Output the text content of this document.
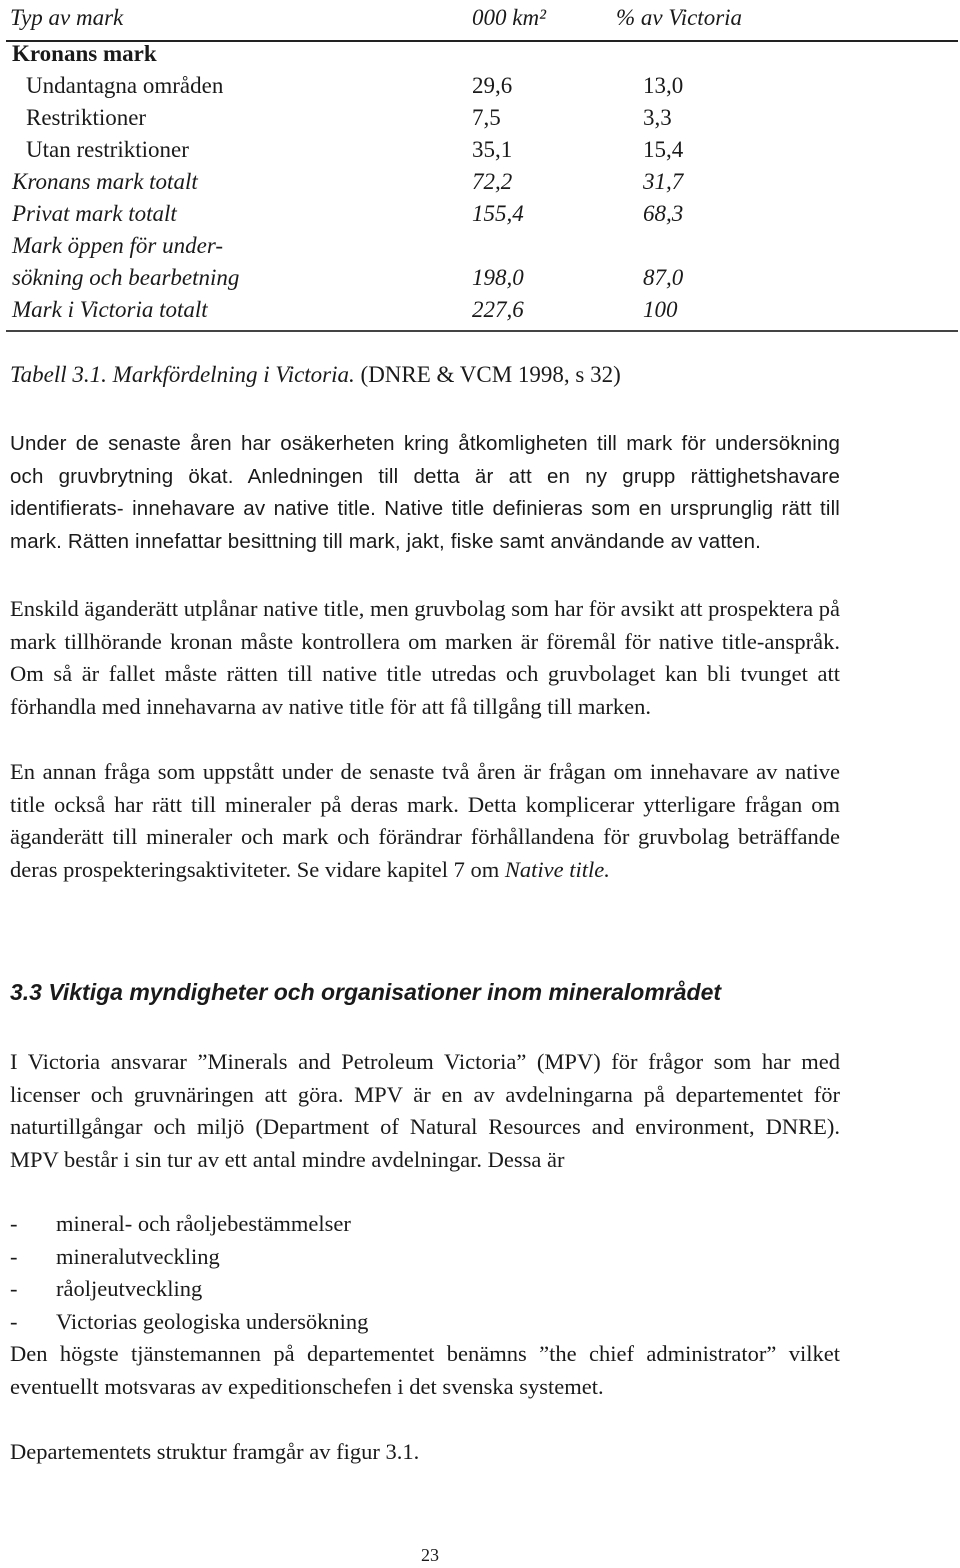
Typ av mark	000 km²	% av Victoria
Kronans mark
Undantagna områden	29,6	13,0
Restriktioner	7,5	3,3
Utan restriktioner	35,1	15,4
Kronans mark totalt	72,2	31,7
Privat mark totalt	155,4	68,3
Mark öppen för under-
sökning och bearbetning	198,0	87,0
Mark i Victoria totalt	227,6	100
Tabell 3.1. Markfördelning i Victoria. (DNRE & VCM 1998, s 32)

Under de senaste åren har osäkerheten kring åtkomligheten till mark för undersökning och gruvbrytning ökat. Anledningen till detta är att en ny grupp rättighetshavare identifierats- innehavare av native title. Native title definieras som en ursprunglig rätt till mark. Rätten innefattar besittning till mark, jakt, fiske samt användande av vatten.

Enskild äganderätt utplånar native title, men gruvbolag som har för avsikt att prospektera på mark tillhörande kronan måste kontrollera om marken är föremål för native title-anspråk. Om så är fallet måste rätten till native title utredas och gruvbolaget kan bli tvunget att förhandla med innehavarna av native title för att få tillgång till marken.

En annan fråga som uppstått under de senaste två åren är frågan om innehavare av native title också har rätt till mineraler på deras mark. Detta komplicerar ytterligare frågan om äganderätt till mineraler och mark och förändrar förhållandena för gruvbolag beträffande deras prospekteringsaktiviteter. Se vidare kapitel 7 om Native title.

3.3 Viktiga myndigheter och organisationer inom mineralområdet

I Victoria ansvarar ”Minerals and Petroleum Victoria” (MPV) för frågor som har med licenser och gruvnäringen att göra. MPV är en av avdelningarna på departementet för naturtillgångar och miljö (Department of Natural Resources and environment, DNRE). MPV består i sin tur av ett antal mindre avdelningar. Dessa är

- mineral- och råoljebestämmelser
- mineralutveckling
- råoljeutveckling
- Victorias geologiska undersökning

Den högste tjänstemannen på departementet benämns ”the chief administrator” vilket eventuellt motsvaras av expeditionschefen i det svenska systemet.

Departementets struktur framgår av figur 3.1.

23
